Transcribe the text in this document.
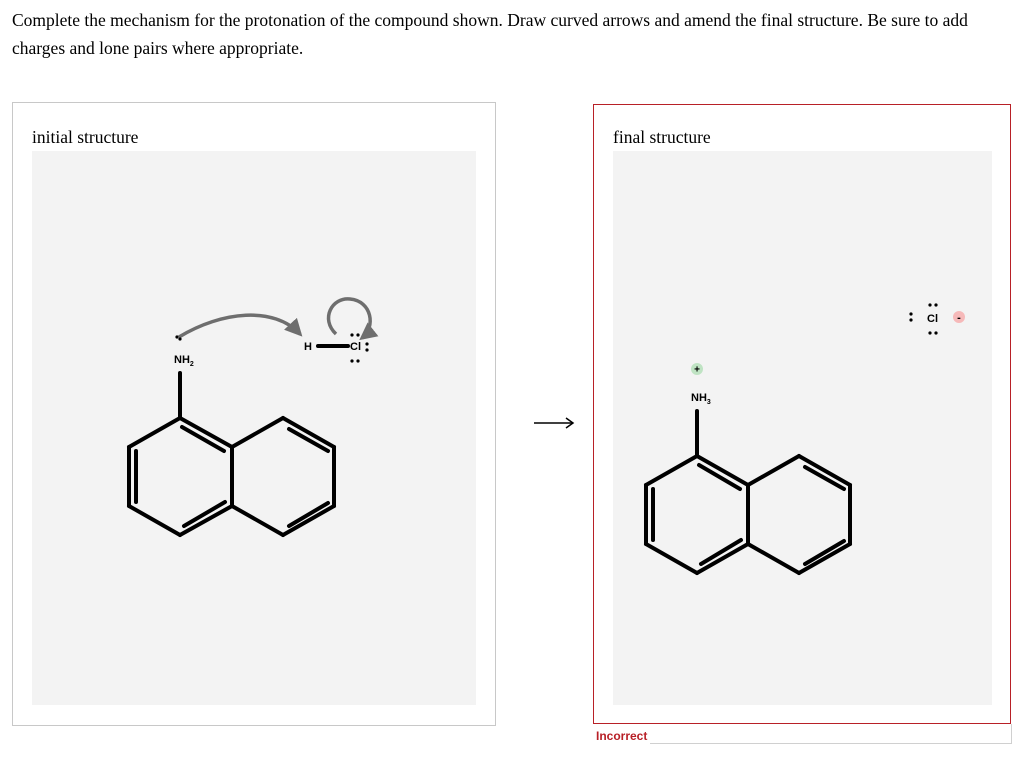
Complete the mechanism for the protonation of the compound shown. Draw curved arrows and amend the final structure. Be sure to add charges and lone pairs where appropriate.

initial structure
$NH_2$
H	Cl
final structure
+
$NH_3$
Cl -
Incorrect
